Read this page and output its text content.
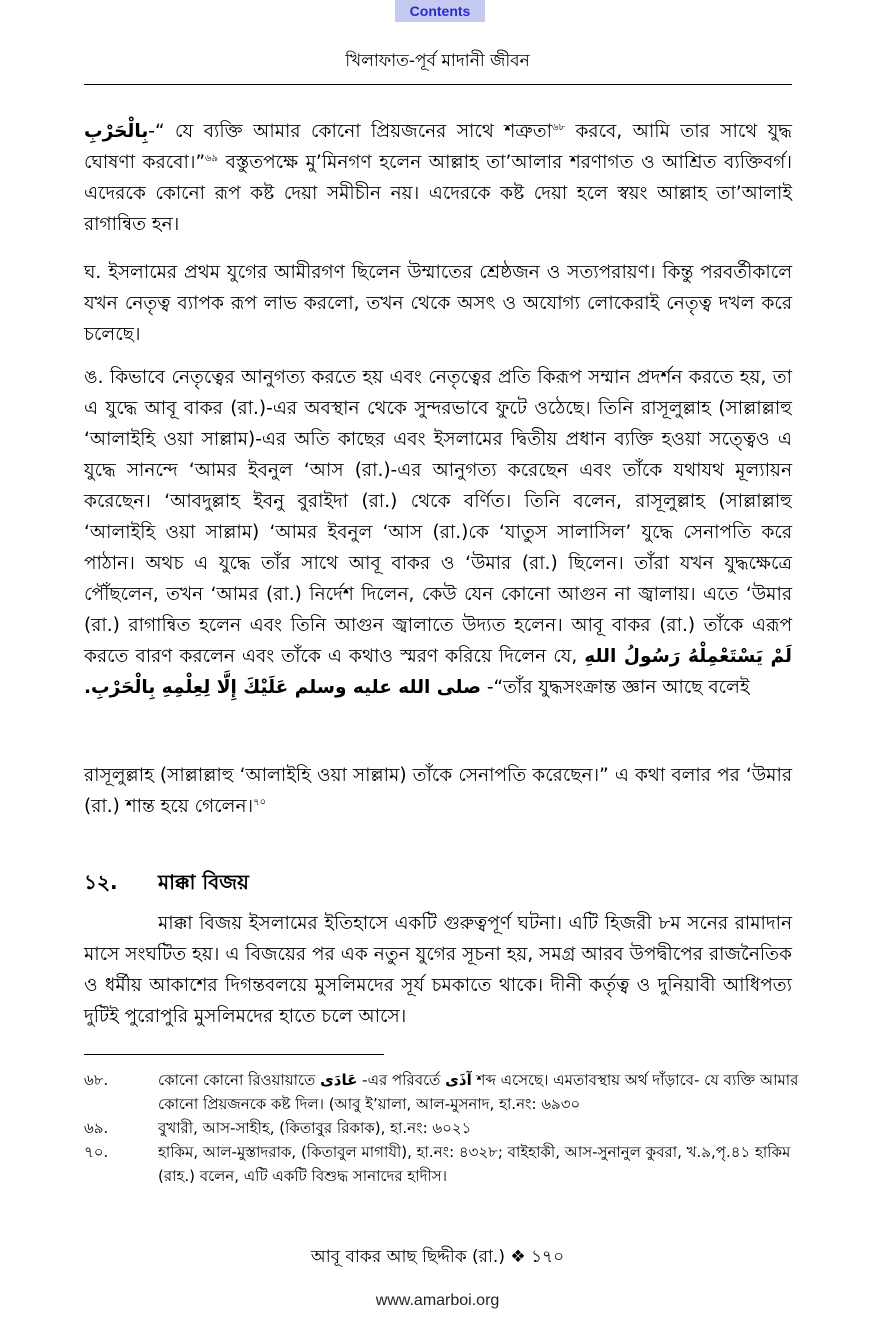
Contents
খিলাফাত-পূর্ব মাদানী জীবন
بِالْحَرْبِ-“ যে ব্যক্তি আমার কোনো প্রিয়জনের সাথে শত্রুতা$^{৬৮}$ করবে, আমি তার সাথে যুদ্ধ ঘোষণা করবো।”$^{৬৯}$ বস্তুতপক্ষে মু’মিনগণ হলেন আল্লাহ তা’আলার শরণাগত ও আশ্রিত ব্যক্তিবর্গ। এদেরকে কোনো রূপ কষ্ট দেয়া সমীচীন নয়। এদেরকে কষ্ট দেয়া হলে স্বয়ং আল্লাহ তা’আলাই রাগান্বিত হন।
ঘ. ইসলামের প্রথম যুগের আমীরগণ ছিলেন উম্মাতের শ্রেষ্ঠজন ও সত্যপরায়ণ। কিন্তু পরবর্তীকালে যখন নেতৃত্ব ব্যাপক রূপ লাভ করলো, তখন থেকে অসৎ ও অযোগ্য লোকেরাই নেতৃত্ব দখল করে চলেছে।
ঙ. কিভাবে নেতৃত্বের আনুগত্য করতে হয় এবং নেতৃত্বের প্রতি কিরূপ সম্মান প্রদর্শন করতে হয়, তা এ যুদ্ধে আবূ বাকর (রা.)-এর অবস্থান থেকে সুন্দরভাবে ফুটে ওঠেছে। তিনি রাসূলুল্লাহ (সাল্লাল্লাহু ‘আলাইহি ওয়া সাল্লাম)-এর অতি কাছের এবং ইসলামের দ্বিতীয় প্রধান ব্যক্তি হওয়া সত্ত্বেও এ যুদ্ধে সানন্দে ‘আমর ইবনুল ‘আস (রা.)-এর আনুগত্য করেছেন এবং তাঁকে যথাযথ মূল্যায়ন করেছেন। ‘আবদুল্লাহ ইবনু বুরাইদা (রা.) থেকে বর্ণিত। তিনি বলেন, রাসূলুল্লাহ (সাল্লাল্লাহু ‘আলাইহি ওয়া সাল্লাম) ‘আমর ইবনুল ‘আস (রা.)কে ‘যাতুস সালাসিল’ যুদ্ধে সেনাপতি করে পাঠান। অথচ এ যুদ্ধে তাঁর সাথে আবূ বাকর ও ‘উমার (রা.) ছিলেন। তাঁরা যখন যুদ্ধক্ষেত্রে পৌঁছলেন, তখন ‘আমর (রা.) নির্দেশ দিলেন, কেউ যেন কোনো আগুন না জ্বালায়। এতে ‘উমার (রা.) রাগান্বিত হলেন এবং তিনি আগুন জ্বালাতে উদ্যত হলেন। আবূ বাকর (রা.) তাঁকে এরূপ করতে বারণ করলেন এবং তাঁকে এ কথাও স্মরণ করিয়ে দিলেন যে, لَمْ يَسْتَعْمِلْهُ رَسُولُ اللهِ صلى الله عليه وسلم عَلَيْكَ إِلَّا لِعِلْمِهِ بِالْحَرْبِ. -“তাঁর যুদ্ধসংক্রান্ত জ্ঞান আছে বলেই
রাসূলুল্লাহ (সাল্লাল্লাহু ‘আলাইহি ওয়া সাল্লাম) তাঁকে সেনাপতি করেছেন।” এ কথা বলার পর ‘উমার (রা.) শান্ত হয়ে গেলেন।$^{৭০}$
১২. মাক্কা বিজয়
মাক্কা বিজয় ইসলামের ইতিহাসে একটি গুরুত্বপূর্ণ ঘটনা। এটি হিজরী ৮ম সনের রামাদান মাসে সংঘটিত হয়। এ বিজয়ের পর এক নতুন যুগের সূচনা হয়, সমগ্র আরব উপদ্বীপের রাজনৈতিক ও ধর্মীয় আকাশের দিগন্তবলয়ে মুসলিমদের সূর্য চমকাতে থাকে। দীনী কর্তৃত্ব ও দুনিয়াবী আধিপত্য দুটিই পুরোপুরি মুসলিমদের হাতে চলে আসে।
৬৮.	কোনো কোনো রিওয়ায়াতে عَادَى -এর পরিবর্তে آذَى শব্দ এসেছে। এমতাবস্থায় অর্থ দাঁড়াবে- যে ব্যক্তি আমার কোনো প্রিয়জনকে কষ্ট দিল। (আবু ই’য়ালা, আল-মুসনাদ, হা.নং: ৬৯৩০
৬৯.	বুখারী, আস-সাহীহ, (কিতাবুর রিকাক), হা.নং: ৬০২১
৭০.	হাকিম, আল-মুস্তাদরাক, (কিতাবুল মাগাযী), হা.নং: ৪৩২৮; বাইহাকী, আস-সুনানুল কুবরা, খ.৯,পৃ.৪১ হাকিম (রাহ.) বলেন, এটি একটি বিশুদ্ধ সানাদের হাদীস।
আবূ বাকর আছ ছিদ্দীক (রা.) ❖ ১৭০
www.amarboi.org
